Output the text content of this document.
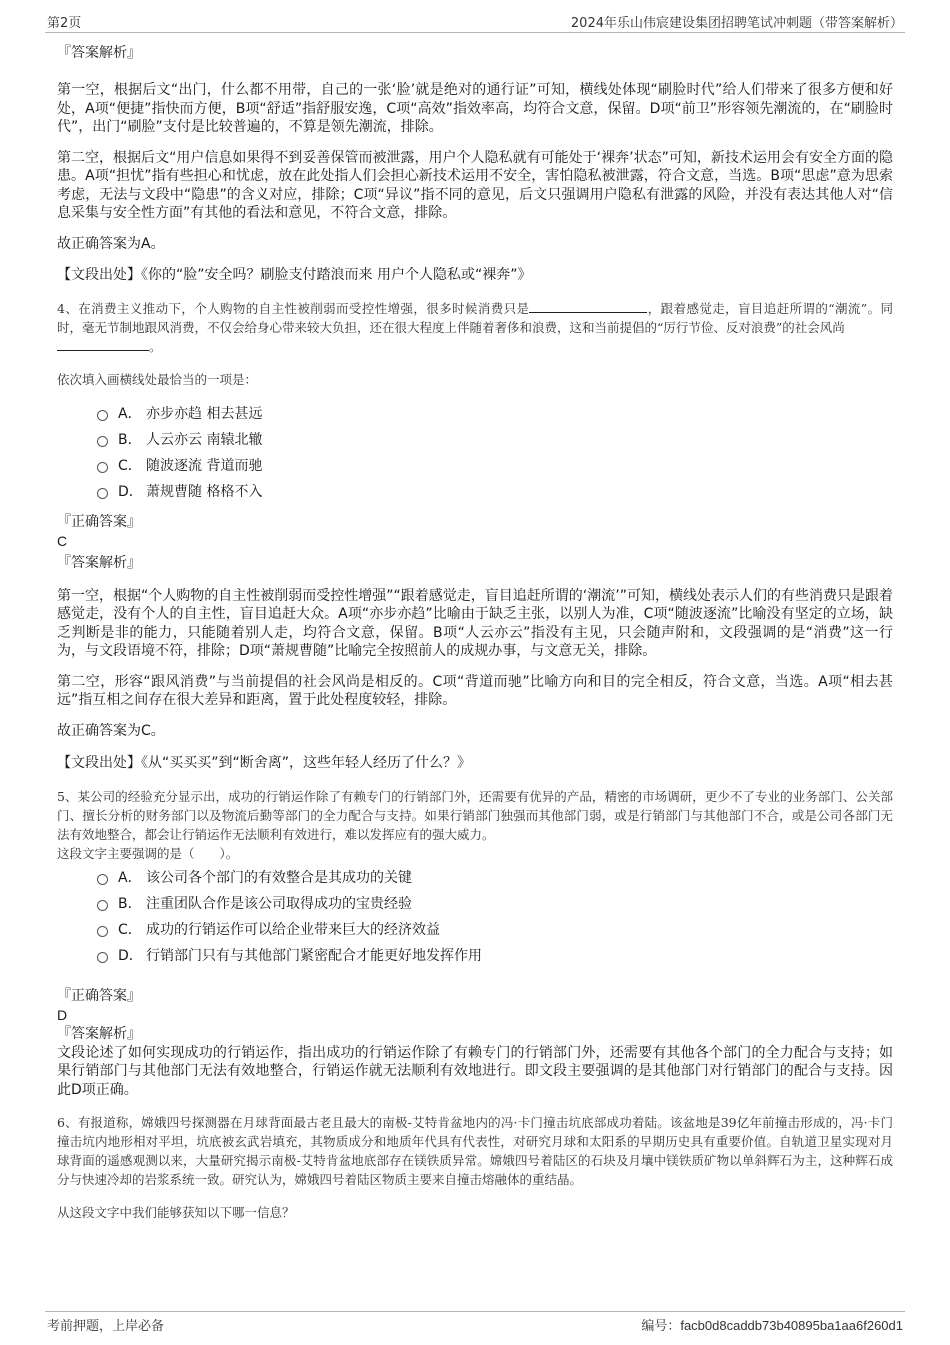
第2页	2024年乐山伟宸建设集团招聘笔试冲刺题（带答案解析）
『答案解析』
第一空，根据后文“出门，什么都不用带，自己的一张‘脸’就是绝对的通行证”可知，横线处体现“刷脸时代”给人们带来了很多方便和好处，A项“便捷”指快而方便，B项“舒适”指舒服安逸，C项“高效”指效率高，均符合文意，保留。D项“前卫”形容领先潮流的，在“刷脸时代”，出门“刷脸”支付是比较普遍的，不算是领先潮流，排除。
第二空，根据后文“用户信息如果得不到妥善保管而被泄露，用户个人隐私就有可能处于‘裸奔’状态”可知，新技术运用会有安全方面的隐患。A项“担忧”指有些担心和忧虑，放在此处指人们会担心新技术运用不安全，害怕隐私被泄露，符合文意，当选。B项“思虑”意为思索考虑，无法与文段中“隐患”的含义对应，排除；C项“异议”指不同的意见，后文只强调用户隐私有泄露的风险，并没有表达其他人对“信息采集与安全性方面”有其他的看法和意见，不符合文意，排除。
故正确答案为A。
【文段出处】《你的“脸”安全吗？刷脸支付踏浪而来 用户个人隐私或“裸奔”》
4、在消费主义推动下，个人购物的自主性被削弱而受控性增强，很多时候消费只是	，跟着感觉走，盲目追赶所谓的“潮流”。同时，毫无节制地跟风消费，不仅会给身心带来较大负担，还在很大程度上伴随着奢侈和浪费，这和当前提倡的“厉行节俭、反对浪费”的社会风尚
。
依次填入画横线处最恰当的一项是：
A． 亦步亦趋 相去甚远
B． 人云亦云 南辕北辙
C． 随波逐流 背道而驰
D． 萧规曹随 格格不入
『正确答案』
C
『答案解析』
第一空，根据“个人购物的自主性被削弱而受控性增强”“跟着感觉走，盲目追赶所谓的‘潮流’”可知，横线处表示人们的有些消费只是跟着感觉走，没有个人的自主性，盲目追赶大众。A项“亦步亦趋”比喻由于缺乏主张，以别人为准，C项“随波逐流”比喻没有坚定的立场，缺乏判断是非的能力，只能随着别人走，均符合文意，保留。B项“人云亦云”指没有主见，只会随声附和，文段强调的是“消费”这一行为，与文段语境不符，排除；D项“萧规曹随”比喻完全按照前人的成规办事，与文意无关，排除。
第二空，形容“跟风消费”与当前提倡的社会风尚是相反的。C项“背道而驰”比喻方向和目的完全相反，符合文意，当选。A项“相去甚远”指互相之间存在很大差异和距离，置于此处程度较轻，排除。
故正确答案为C。
【文段出处】《从“买买买”到“断舍离”，这些年轻人经历了什么？》
5、某公司的经验充分显示出，成功的行销运作除了有赖专门的行销部门外，还需要有优异的产品，精密的市场调研，更少不了专业的业务部门、公关部门、擅长分析的财务部门以及物流后勤等部门的全力配合与支持。如果行销部门独强而其他部门弱，或是行销部门与其他部门不合，或是公司各部门无法有效地整合，都会让行销运作无法顺利有效进行，难以发挥应有的强大威力。
这段文字主要强调的是（　　）。
A． 该公司各个部门的有效整合是其成功的关键
B． 注重团队合作是该公司取得成功的宝贵经验
C． 成功的行销运作可以给企业带来巨大的经济效益
D． 行销部门只有与其他部门紧密配合才能更好地发挥作用
『正确答案』
D
『答案解析』
文段论述了如何实现成功的行销运作，指出成功的行销运作除了有赖专门的行销部门外，还需要有其他各个部门的全力配合与支持；如果行销部门与其他部门无法有效地整合，行销运作就无法顺利有效地进行。即文段主要强调的是其他部门对行销部门的配合与支持。因此D项正确。
6、有报道称，嫦娥四号探测器在月球背面最古老且最大的南极-艾特肯盆地内的冯·卡门撞击坑底部成功着陆。该盆地是39亿年前撞击形成的，冯·卡门撞击坑内地形相对平坦，坑底被玄武岩填充，其物质成分和地质年代具有代表性，对研究月球和太阳系的早期历史具有重要价值。自轨道卫星实现对月球背面的遥感观测以来，大量研究揭示南极-艾特肯盆地底部存在镁铁质异常。嫦娥四号着陆区的石块及月壤中镁铁质矿物以单斜辉石为主，这种辉石成分与快速冷却的岩浆系统一致。研究认为，嫦娥四号着陆区物质主要来自撞击熔融体的重结晶。
从这段文字中我们能够获知以下哪一信息？
考前押题，上岸必备	编号：facb0d8caddb73b40895ba1aa6f260d1
